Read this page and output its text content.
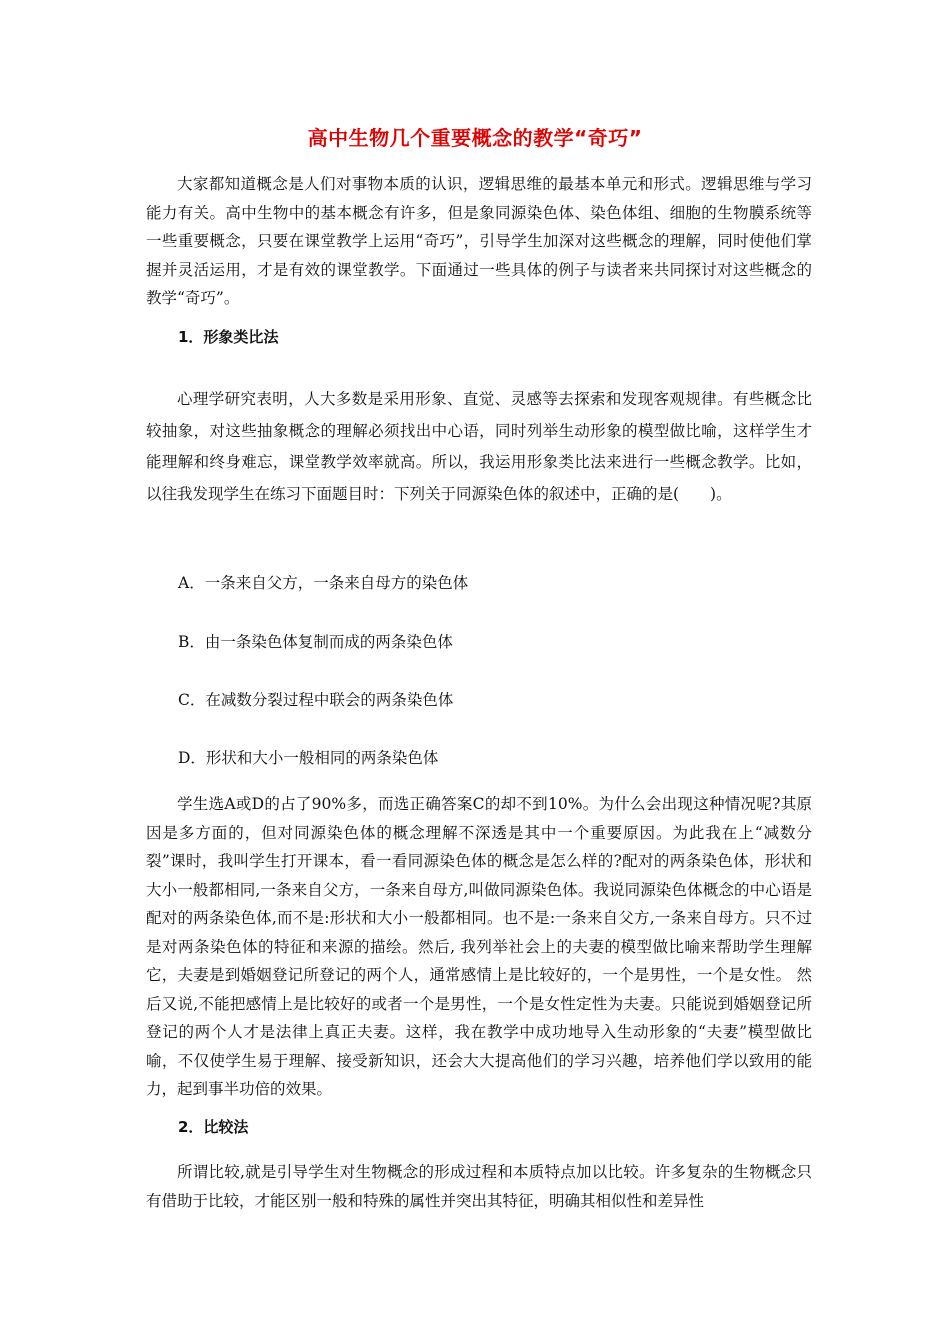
高中生物几个重要概念的教学“奇巧”

大家都知道概念是人们对事物本质的认识，逻辑思维的最基本单元和形式。逻辑思维与学习能力有关。高中生物中的基本概念有许多，但是象同源染色体、染色体组、细胞的生物膜系统等一些重要概念，只要在课堂教学上运用“奇巧”，引导学生加深对这些概念的理解，同时使他们掌握并灵活运用，才是有效的课堂教学。下面通过一些具体的例子与读者来共同探讨对这些概念的教学“奇巧”。

1．形象类比法

心理学研究表明，人大多数是采用形象、直觉、灵感等去探索和发现客观规律。有些概念比较抽象，对这些抽象概念的理解必须找出中心语，同时列举生动形象的模型做比喻，这样学生才能理解和终身难忘，课堂教学效率就高。所以，我运用形象类比法来进行一些概念教学。比如，以往我发现学生在练习下面题目时：下列关于同源染色体的叙述中，正确的是(　　)。

A．一条来自父方，一条来自母方的染色体
B．由一条染色体复制而成的两条染色体
C．在减数分裂过程中联会的两条染色体
D．形状和大小一般相同的两条染色体

学生选A或D的占了90%多，而选正确答案C的却不到10%。为什么会出现这种情况呢?其原因是多方面的，但对同源染色体的概念理解不深透是其中一个重要原因。为此我在上“减数分裂”课时，我叫学生打开课本，看一看同源染色体的概念是怎么样的?配对的两条染色体，形状和大小一般都相同,一条来自父方，一条来自母方,叫做同源染色体。我说同源染色体概念的中心语是配对的两条染色体,而不是:形状和大小一般都相同。也不是:一条来自父方,一条来自母方。只不过是对两条染色体的特征和来源的描绘。然后, 我列举社会上的夫妻的模型做比喻来帮助学生理解它，夫妻是到婚姻登记所登记的两个人，通常感情上是比较好的，一个是男性，一个是女性。 然后又说,不能把感情上是比较好的或者一个是男性，一个是女性定性为夫妻。只能说到婚姻登记所登记的两个人才是法律上真正夫妻。这样，我在教学中成功地导入生动形象的“夫妻”模型做比喻，不仅使学生易于理解、接受新知识，还会大大提高他们的学习兴趣，培养他们学以致用的能力，起到事半功倍的效果。

2．比较法

所谓比较,就是引导学生对生物概念的形成过程和本质特点加以比较。许多复杂的生物概念只有借助于比较，才能区别一般和特殊的属性并突出其特征，明确其相似性和差异性
